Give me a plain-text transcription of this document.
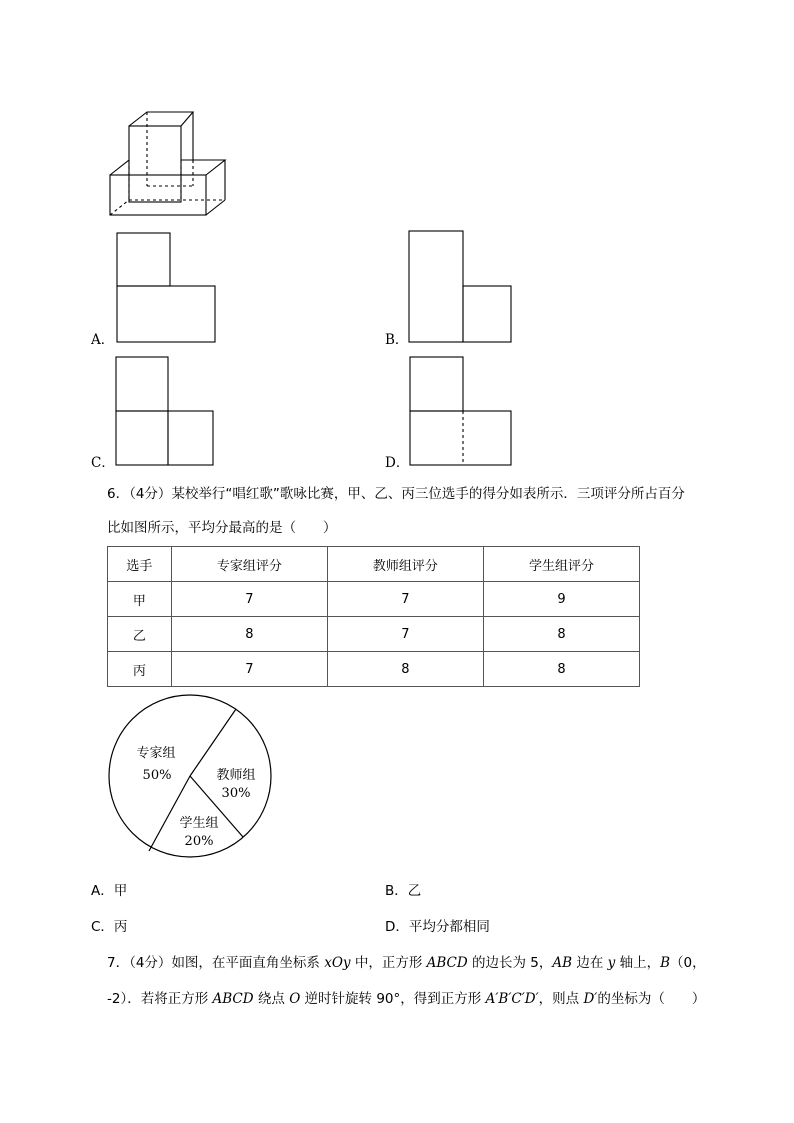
专家组
50%	教师组
30%
学生组
20%
A．	B．
C．	D．
6．（4分）某校举行“唱红歌”歌咏比赛，甲、乙、丙三位选手的得分如表所示．三项评分所占百分
比如图所示，平均分最高的是（　　）
选手	专家组评分	教师组评分	学生组评分
甲	7	7	9
乙	8	7	8
丙	7	8	8
A．甲	B．乙
C．丙	D．平均分都相同
7．（4分）如图，在平面直角坐标系 xOy 中，正方形 ABCD 的边长为 5，AB 边在 y 轴上，B（0，
-2）．若将正方形 ABCD 绕点 O 逆时针旋转 90°，得到正方形 A′B′C′D′，则点 D′的坐标为（　　）
